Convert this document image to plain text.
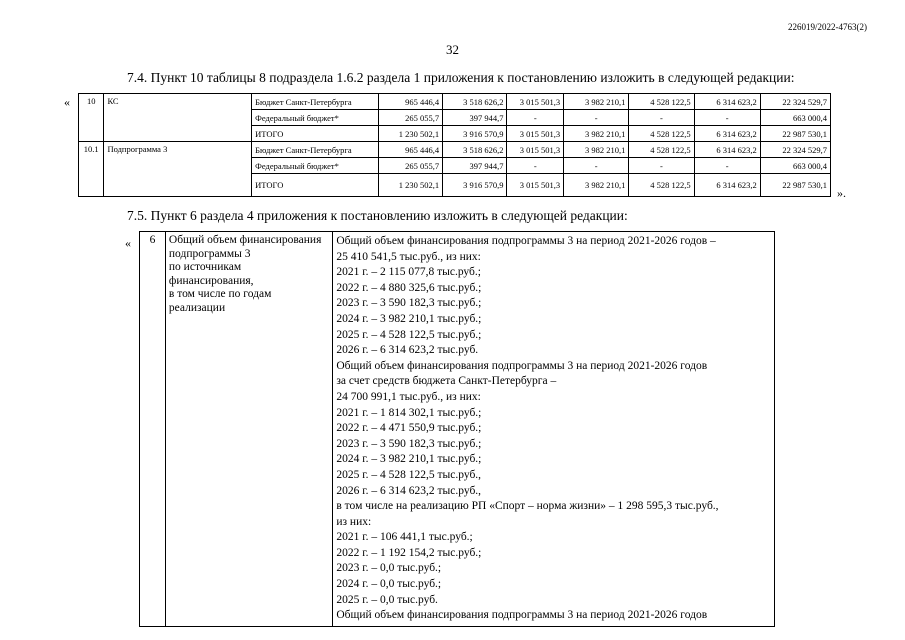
226019/2022-4763(2)
32
7.4. Пункт 10 таблицы 8 подраздела 1.6.2 раздела 1 приложения к постановлению изложить в следующей редакции:
«
».
10	КС	Бюджет Санкт-Петербурга	965 446,4	3 518 626,2	3 015 501,3	3 982 210,1	4 528 122,5	6 314 623,2	22 324 529,7
		Федеральный бюджет*	265 055,7	397 944,7	-	-	-	-	663 000,4
		ИТОГО	1 230 502,1	3 916 570,9	3 015 501,3	3 982 210,1	4 528 122,5	6 314 623,2	22 987 530,1
10.1	Подпрограмма 3	Бюджет Санкт-Петербурга	965 446,4	3 518 626,2	3 015 501,3	3 982 210,1	4 528 122,5	6 314 623,2	22 324 529,7
		Федеральный бюджет*	265 055,7	397 944,7	-	-	-	-	663 000,4
		ИТОГО	1 230 502,1	3 916 570,9	3 015 501,3	3 982 210,1	4 528 122,5	6 314 623,2	22 987 530,1
7.5. Пункт 6 раздела 4 приложения к постановлению изложить в следующей редакции:
« 6	Общий объем финансирования
подпрограммы 3
по источникам
финансирования,
в том числе по годам
реализации

Общий объем финансирования подпрограммы 3 на период 2021-2026 годов –
25 410 541,5 тыс.руб., из них:
2021 г. – 2 115 077,8 тыс.руб.;
2022 г. – 4 880 325,6 тыс.руб.;
2023 г. – 3 590 182,3 тыс.руб.;
2024 г. – 3 982 210,1 тыс.руб.;
2025 г. – 4 528 122,5 тыс.руб.;
2026 г. – 6 314 623,2 тыс.руб.
Общий объем финансирования подпрограммы 3 на период 2021-2026 годов
за счет средств бюджета Санкт-Петербурга –
24 700 991,1 тыс.руб., из них:
2021 г. – 1 814 302,1 тыс.руб.;
2022 г. – 4 471 550,9 тыс.руб.;
2023 г. – 3 590 182,3 тыс.руб.;
2024 г. – 3 982 210,1 тыс.руб.;
2025 г. – 4 528 122,5 тыс.руб.,
2026 г. – 6 314 623,2 тыс.руб.,
в том числе на реализацию РП «Спорт – норма жизни» – 1 298 595,3 тыс.руб.,
из них:
2021 г. – 106 441,1 тыс.руб.;
2022 г. – 1 192 154,2 тыс.руб.;
2023 г. – 0,0 тыс.руб.;
2024 г. – 0,0 тыс.руб.;
2025 г. – 0,0 тыс.руб.
Общий объем финансирования подпрограммы 3 на период 2021-2026 годов
